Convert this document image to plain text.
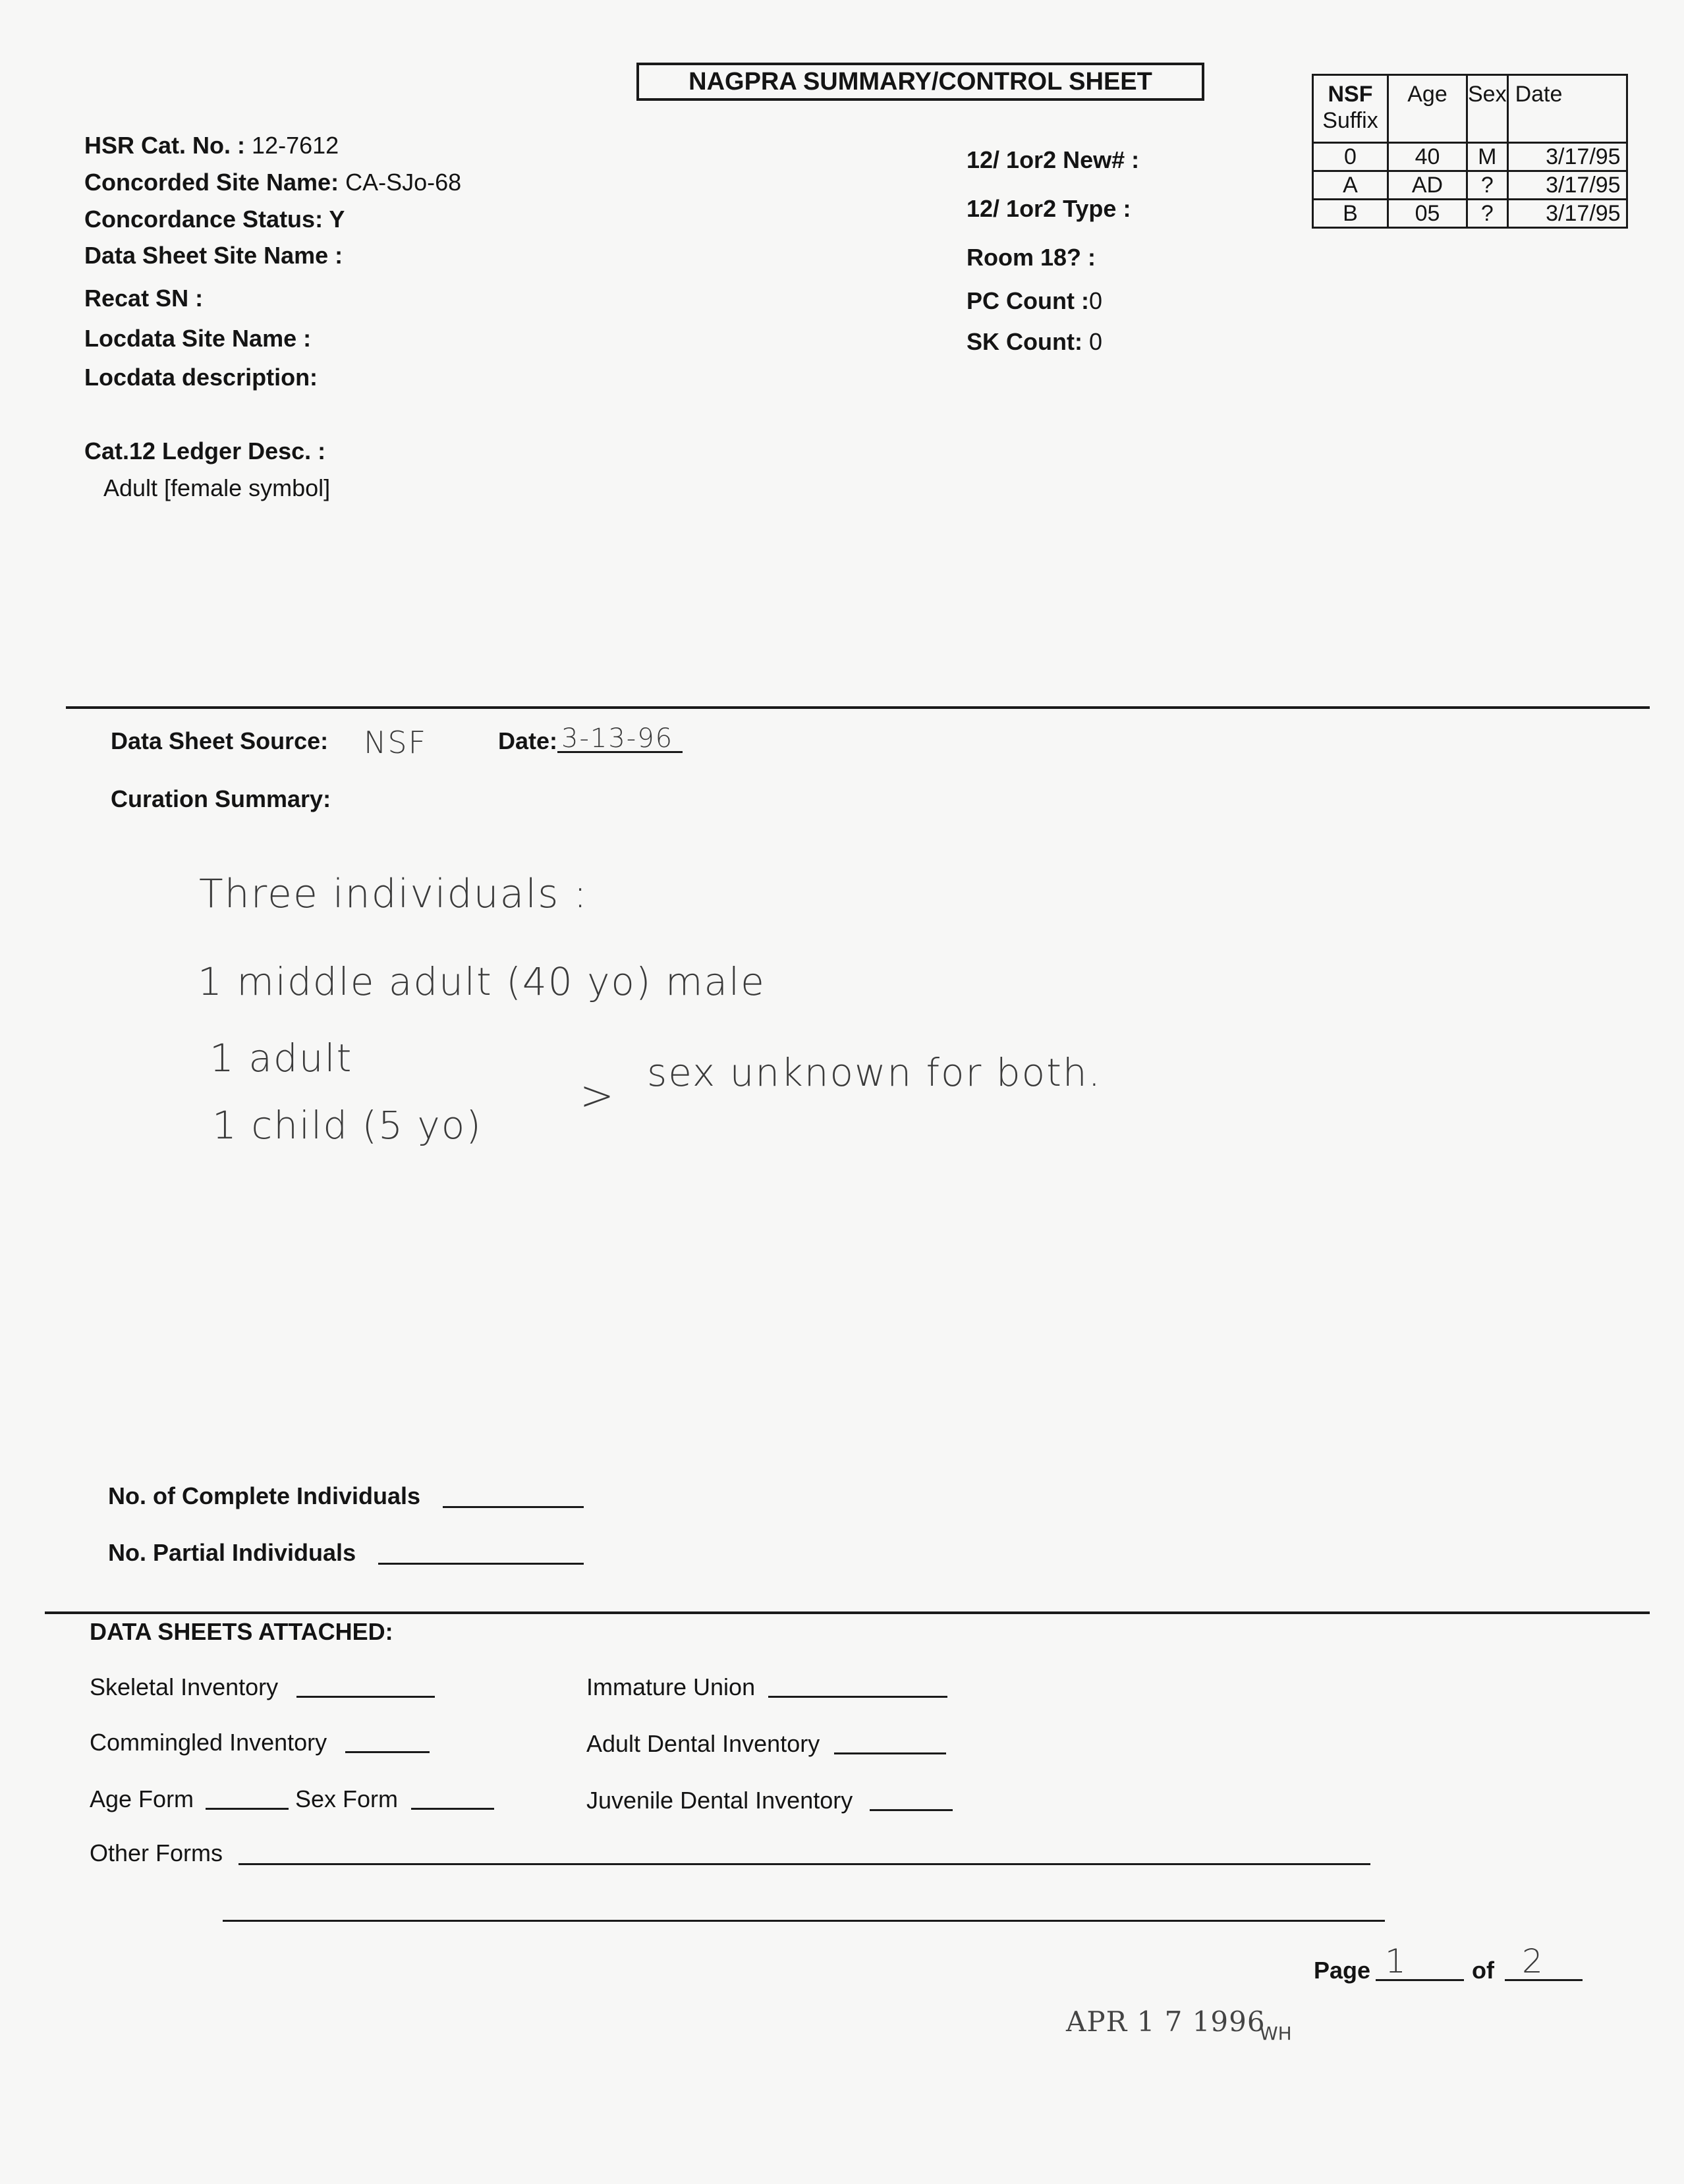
NAGPRA SUMMARY/CONTROL SHEET
HSR Cat. No. : 12-7612
Concorded Site Name: CA-SJo-68
Concordance Status: Y
Data Sheet Site Name :
Recat SN :
Locdata Site Name :
Locdata description:
Cat.12 Ledger Desc. :
Adult [female symbol]
12/ 1or2 New# :
12/ 1or2 Type :
Room 18? :
PC Count :0
SK Count: 0
NSF
Suffix	Age	Sex	Date
0	40	M	3/17/95
A	AD	?	3/17/95
B	05	?	3/17/95
Data Sheet Source: NSF	Date: 3-13-96
Curation Summary:
Three individuals :
1 middle adult (40 yo) male
1 adult
1 child (5 yo)
> sex unknown for both.
No. of Complete Individuals
No. Partial Individuals
DATA SHEETS ATTACHED:
Skeletal Inventory
Commingled Inventory
Age Form	Sex Form
Other Forms
Immature Union
Adult Dental Inventory
Juvenile Dental Inventory
Page 1	of 2
APR 1 7 1996
WH
